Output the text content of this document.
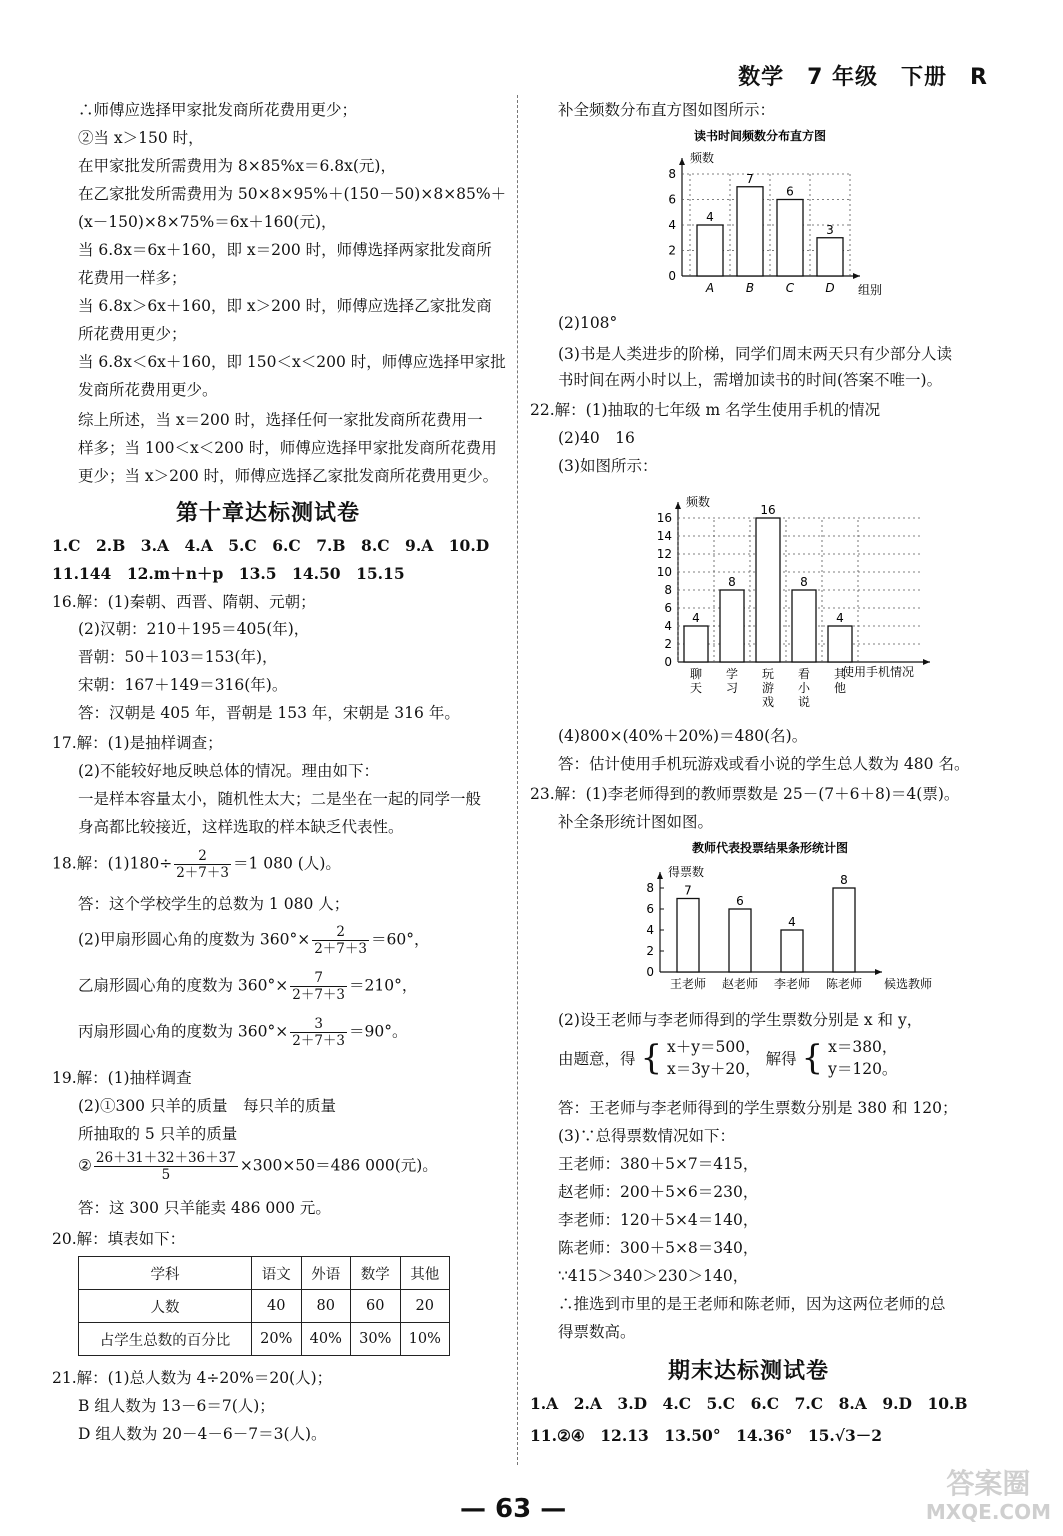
数学　7 年级　下册　R
∴师傅应选择甲家批发商所花费用更少；
②当 x＞150 时，
在甲家批发所需费用为 8×85%x＝6.8x(元)，
在乙家批发所需费用为 50×8×95%＋(150－50)×8×85%＋
(x－150)×8×75%＝6x＋160(元)，
当 6.8x＝6x＋160，即 x＝200 时，师傅选择两家批发商所
花费用一样多；
当 6.8x＞6x＋160，即 x＞200 时，师傅应选择乙家批发商
所花费用更少；
当 6.8x＜6x＋160，即 150＜x＜200 时，师傅应选择甲家批
发商所花费用更少。
综上所述，当 x＝200 时，选择任何一家批发商所花费用一
样多；当 100＜x＜200 时，师傅应选择甲家批发商所花费用
更少；当 x＞200 时，师傅应选择乙家批发商所花费用更少。
第十章达标测试卷
1.C　2.B　3.A　4.A　5.C　6.C　7.B　8.C　9.A　10.D
11.144　12.m＋n＋p　13.5　14.50　15.15
16.解：(1)秦朝、西晋、隋朝、元朝；
(2)汉朝：210＋195＝405(年)，
晋朝：50＋103＝153(年)，
宋朝：167＋149＝316(年)。
答：汉朝是 405 年，晋朝是 153 年，宋朝是 316 年。
17.解：(1)是抽样调查；
(2)不能较好地反映总体的情况。理由如下：
一是样本容量太小，随机性太大；二是坐在一起的同学一般
身高都比较接近，这样选取的样本缺乏代表性。
18.解：$(1)180\div \frac{2}{2+7+3} =1$ 080 (人)。
答：这个学校学生的总数为 1 080 人；
(2)甲扇形圆心角的度数为 $360^\circ\times \frac{2}{2+7+3} =60^\circ$，
乙扇形圆心角的度数为 $360^\circ\times \frac{7}{2+7+3} =210^\circ$，
丙扇形圆心角的度数为 $360^\circ\times \frac{3}{2+7+3} =90^\circ$。
19.解：(1)抽样调查
(2)①300 只羊的质量　每只羊的质量
所抽取的 5 只羊的质量
② $\frac{26+31+32+36+37}{5} \times 300\times 50=486$ 000(元)。
答：这 300 只羊能卖 486 000 元。
20.解：填表如下：
学科	语文	外语	数学	其他
人数	40	80	60	20
占学生总数的百分比	20%	40%	30%	10%
21.解：(1)总人数为 4÷20%＝20(人)；
B 组人数为 13－6＝7(人)；
D 组人数为 20－4－6－7＝3(人)。
补全频数分布直方图如图所示：
读书时间频数分布直方图
频数
组别
0
2
4
6
8
4
A
7
B
6
C
3
D
(2)108°
(3)书是人类进步的阶梯，同学们周末两天只有少部分人读
书时间在两小时以上，需增加读书的时间(答案不唯一)。
22.解：(1)抽取的七年级 m 名学生使用手机的情况
(2)40　16
(3)如图所示：
频数
使用手机情况
0
2
4
6
8
10
12
14
16
4
聊天
8
学习
16
玩游戏
8
看小说
4
其他
(4)800×(40%＋20%)＝480(名)。
答：估计使用手机玩游戏或看小说的学生总人数为 480 名。
23.解：(1)李老师得到的教师票数是 25－(7＋6＋8)＝4(票)。
补全条形统计图如图。
教师代表投票结果条形统计图
得票数
候选教师
0
2
4
6
8	7
王老师
6
赵老师
4
李老师
8
陈老师
(2)设王老师与李老师得到的学生票数分别是 x 和 y，
由题意，得 { x＋y＝500，
x＝3y＋20，
解得 { x＝380，
y＝120。
答：王老师与李老师得到的学生票数分别是 380 和 120；
(3)∵总得票数情况如下：
王老师：380＋5×7＝415，
赵老师：200＋5×6＝230，
李老师：120＋5×4＝140，
陈老师：300＋5×8＝340，
∵415＞340＞230＞140，
∴推选到市里的是王老师和陈老师，因为这两位老师的总
得票数高。
期末达标测试卷
1.A　2.A　3.D　4.C　5.C　6.C　7.C　8.A　9.D　10.B
11.②④　12.13　13.50°　14.36°　15.√3－2
— 63 —
答案圈
MXQE.COM
